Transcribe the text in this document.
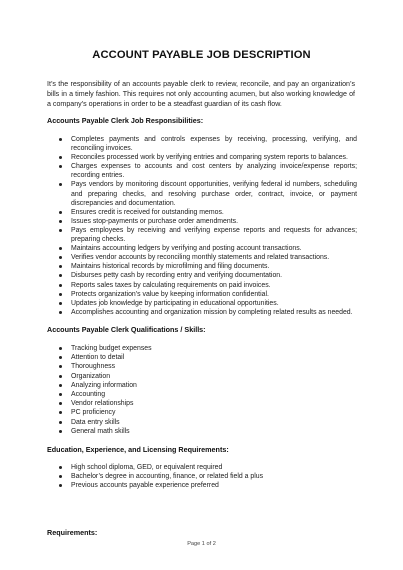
ACCOUNT PAYABLE JOB DESCRIPTION
It’s the responsibility of an accounts payable clerk to review, reconcile, and pay an organization’s bills in a timely fashion. This requires not only accounting acumen, but also working knowledge of a company’s operations in order to be a steadfast guardian of its cash flow.
Accounts Payable Clerk Job Responsibilities:
Completes payments and controls expenses by receiving, processing, verifying, and reconciling invoices.
Reconciles processed work by verifying entries and comparing system reports to balances.
Charges expenses to accounts and cost centers by analyzing invoice/expense reports; recording entries.
Pays vendors by monitoring discount opportunities, verifying federal id numbers, scheduling and preparing checks, and resolving purchase order, contract, invoice, or payment discrepancies and documentation.
Ensures credit is received for outstanding memos.
Issues stop-payments or purchase order amendments.
Pays employees by receiving and verifying expense reports and requests for advances; preparing checks.
Maintains accounting ledgers by verifying and posting account transactions.
Verifies vendor accounts by reconciling monthly statements and related transactions.
Maintains historical records by microfilming and filing documents.
Disburses petty cash by recording entry and verifying documentation.
Reports sales taxes by calculating requirements on paid invoices.
Protects organization’s value by keeping information confidential.
Updates job knowledge by participating in educational opportunities.
Accomplishes accounting and organization mission by completing related results as needed.
Accounts Payable Clerk Qualifications / Skills:
Tracking budget expenses
Attention to detail
Thoroughness
Organization
Analyzing information
Accounting
Vendor relationships
PC proficiency
Data entry skills
General math skills
Education, Experience, and Licensing Requirements:
High school diploma, GED, or equivalent required
Bachelor’s degree in accounting, finance, or related field a plus
Previous accounts payable experience preferred
Requirements:
Page 1 of 2
